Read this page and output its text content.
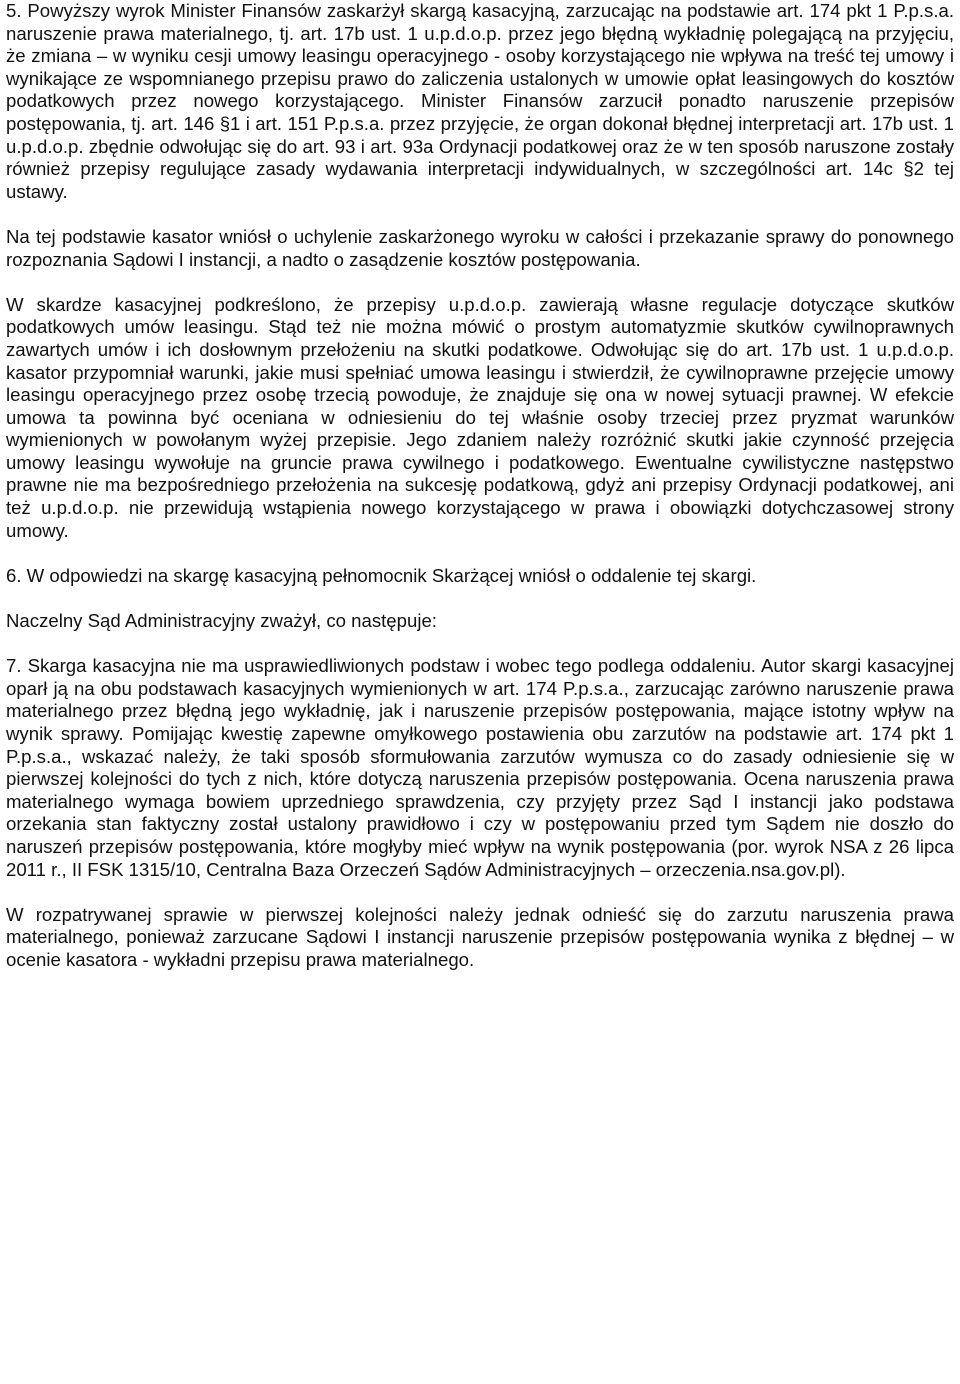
5. Powyższy wyrok Minister Finansów zaskarżył skargą kasacyjną, zarzucając na podstawie art. 174 pkt 1 P.p.s.a. naruszenie prawa materialnego, tj. art. 17b ust. 1 u.p.d.o.p. przez jego błędną wykładnię polegającą na przyjęciu, że zmiana – w wyniku cesji umowy leasingu operacyjnego - osoby korzystającego nie wpływa na treść tej umowy i wynikające ze wspomnianego przepisu prawo do zaliczenia ustalonych w umowie opłat leasingowych do kosztów podatkowych przez nowego korzystającego. Minister Finansów zarzucił ponadto naruszenie przepisów postępowania, tj. art. 146 §1 i art. 151 P.p.s.a. przez przyjęcie, że organ dokonał błędnej interpretacji art. 17b ust. 1 u.p.d.o.p. zbędnie odwołując się do art. 93 i art. 93a Ordynacji podatkowej oraz że w ten sposób naruszone zostały również przepisy regulujące zasady wydawania interpretacji indywidualnych, w szczególności art. 14c §2 tej ustawy.

Na tej podstawie kasator wniósł o uchylenie zaskarżonego wyroku w całości i przekazanie sprawy do ponownego rozpoznania Sądowi I instancji, a nadto o zasądzenie kosztów postępowania.

W skardze kasacyjnej podkreślono, że przepisy u.p.d.o.p. zawierają własne regulacje dotyczące skutków podatkowych umów leasingu. Stąd też nie można mówić o prostym automatyzmie skutków cywilnoprawnych zawartych umów i ich dosłownym przełożeniu na skutki podatkowe. Odwołując się do art. 17b ust. 1 u.p.d.o.p. kasator przypomniał warunki, jakie musi spełniać umowa leasingu i stwierdził, że cywilnoprawne przejęcie umowy leasingu operacyjnego przez osobę trzecią powoduje, że znajduje się ona w nowej sytuacji prawnej. W efekcie umowa ta powinna być oceniana w odniesieniu do tej właśnie osoby trzeciej przez pryzmat warunków wymienionych w powołanym wyżej przepisie. Jego zdaniem należy rozróżnić skutki jakie czynność przejęcia umowy leasingu wywołuje na gruncie prawa cywilnego i podatkowego. Ewentualne cywilistyczne następstwo prawne nie ma bezpośredniego przełożenia na sukcesję podatkową, gdyż ani przepisy Ordynacji podatkowej, ani też u.p.d.o.p. nie przewidują wstąpienia nowego korzystającego w prawa i obowiązki dotychczasowej strony umowy.

6. W odpowiedzi na skargę kasacyjną pełnomocnik Skarżącej wniósł o oddalenie tej skargi.

Naczelny Sąd Administracyjny zważył, co następuje:

7. Skarga kasacyjna nie ma usprawiedliwionych podstaw i wobec tego podlega oddaleniu. Autor skargi kasacyjnej oparł ją na obu podstawach kasacyjnych wymienionych w art. 174 P.p.s.a., zarzucając zarówno naruszenie prawa materialnego przez błędną jego wykładnię, jak i naruszenie przepisów postępowania, mające istotny wpływ na wynik sprawy. Pomijając kwestię zapewne omyłkowego postawienia obu zarzutów na podstawie art. 174 pkt 1 P.p.s.a., wskazać należy, że taki sposób sformułowania zarzutów wymusza co do zasady odniesienie się w pierwszej kolejności do tych z nich, które dotyczą naruszenia przepisów postępowania. Ocena naruszenia prawa materialnego wymaga bowiem uprzedniego sprawdzenia, czy przyjęty przez Sąd I instancji jako podstawa orzekania stan faktyczny został ustalony prawidłowo i czy w postępowaniu przed tym Sądem nie doszło do naruszeń przepisów postępowania, które mogłyby mieć wpływ na wynik postępowania (por. wyrok NSA z 26 lipca 2011 r., II FSK 1315/10, Centralna Baza Orzeczeń Sądów Administracyjnych – orzeczenia.nsa.gov.pl).

W rozpatrywanej sprawie w pierwszej kolejności należy jednak odnieść się do zarzutu naruszenia prawa materialnego, ponieważ zarzucane Sądowi I instancji naruszenie przepisów postępowania wynika z błędnej – w ocenie kasatora - wykładni przepisu prawa materialnego.
